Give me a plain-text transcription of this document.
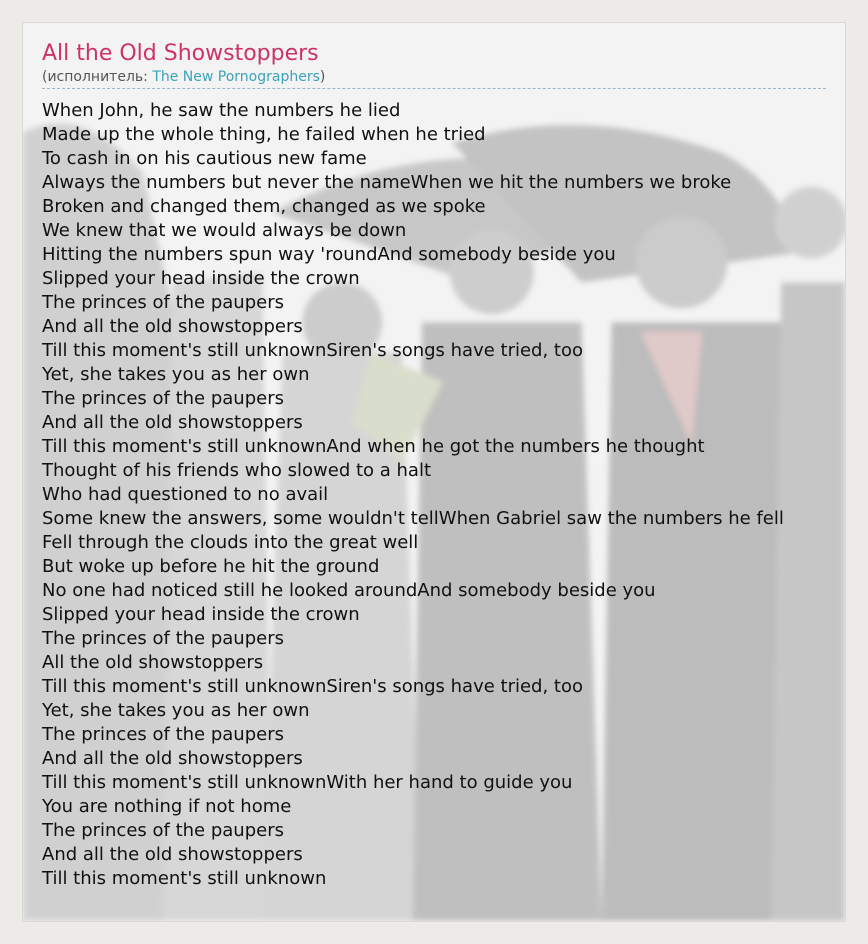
All the Old Showstoppers
(исполнитель: The New Pornographers)
When John, he saw the numbers he lied
Made up the whole thing, he failed when he tried
To cash in on his cautious new fame
Always the numbers but never the nameWhen we hit the numbers we broke
Broken and changed them, changed as we spoke
We knew that we would always be down
Hitting the numbers spun way 'roundAnd somebody beside you
Slipped your head inside the crown
The princes of the paupers
And all the old showstoppers
Till this moment's still unknownSiren's songs have tried, too
Yet, she takes you as her own
The princes of the paupers
And all the old showstoppers
Till this moment's still unknownAnd when he got the numbers he thought
Thought of his friends who slowed to a halt
Who had questioned to no avail
Some knew the answers, some wouldn't tellWhen Gabriel saw the numbers he fell
Fell through the clouds into the great well
But woke up before he hit the ground
No one had noticed still he looked aroundAnd somebody beside you
Slipped your head inside the crown
The princes of the paupers
All the old showstoppers
Till this moment's still unknownSiren's songs have tried, too
Yet, she takes you as her own
The princes of the paupers
And all the old showstoppers
Till this moment's still unknownWith her hand to guide you
You are nothing if not home
The princes of the paupers
And all the old showstoppers
Till this moment's still unknown
